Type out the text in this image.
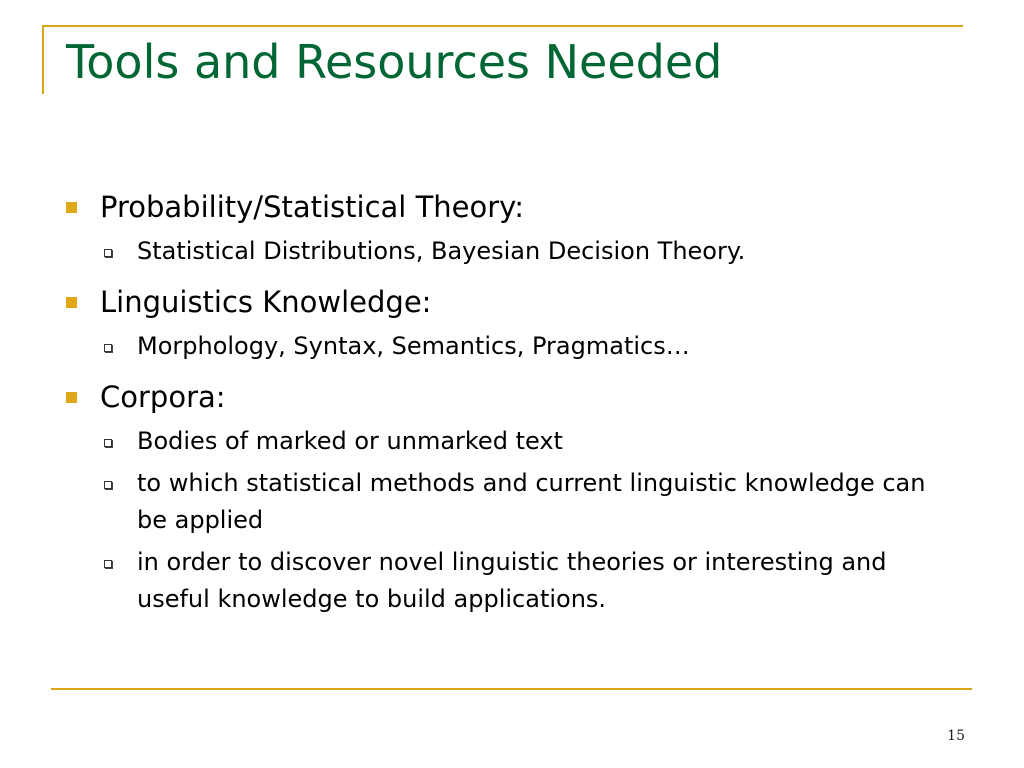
Tools and Resources Needed
Probability/Statistical Theory:
Statistical Distributions, Bayesian Decision Theory.
Linguistics Knowledge:
Morphology, Syntax, Semantics, Pragmatics…
Corpora:
Bodies of marked or unmarked text
to which statistical methods and current linguistic knowledge can be applied
in order to discover novel linguistic theories or interesting and useful knowledge to build applications.
15
